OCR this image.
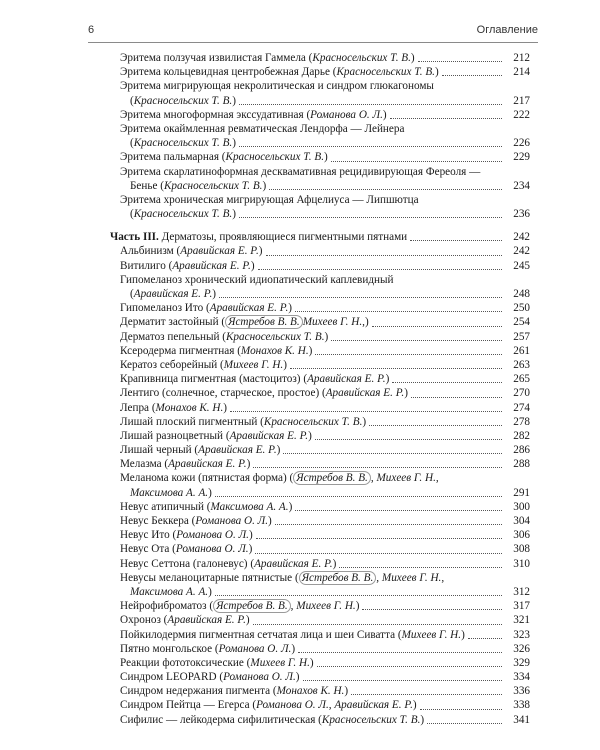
6	Оглавление
Эритема ползучая извилистая Гаммела (Красносельских Т. В.)	212
Эритема кольцевидная центробежная Дарье (Красносельских Т. В.)	214
Эритема мигрирующая некролитическая и синдром глюкагономы
(Красносельских Т. В.)	217
Эритема многоформная экссудативная (Романова О. Л.)	222
Эритема окаймленная ревматическая Лендорфа — Лейнера
(Красносельских Т. В.)	226
Эритема пальмарная (Красносельских Т. В.)	229
Эритема скарлатиноформная десквамативная рецидивирующая Фереоля —
Бенье (Красносельских Т. В.)	234
Эритема хроническая мигрирующая Афцелиуса — Липшютца
(Красносельских Т. В.)	236
Часть III. Дерматозы, проявляющиеся пигментными пятнами	242
Альбинизм (Аравийская Е. Р.)	242
Витилиго (Аравийская Е. Р.)	245
Гипомеланоз хронический идиопатический каплевидный
(Аравийская Е. Р.)	248
Гипомеланоз Ито (Аравийская Е. Р.)	250
Дерматит застойный ( Ястребов В. В. Михеев Г. Н.,)	254
Дерматоз пепельный (Красносельских Т. В.)	257
Ксеродерма пигментная (Монахов К. Н.)	261
Кератоз себорейный (Михеев Г. Н.)	263
Крапивница пигментная (мастоцитоз) (Аравийская Е. Р.)	265
Лентиго (солнечное, старческое, простое) (Аравийская Е. Р.)	270
Лепра (Монахов К. Н.)	274
Лишай плоский пигментный (Красносельских Т. В.)	278
Лишай разноцветный (Аравийская Е. Р.)	282
Лишай черный (Аравийская Е. Р.)	286
Мелазма (Аравийская Е. Р.)	288
Меланома кожи (пятнистая форма) ( Ястребов В. В. , Михеев Г. Н.,
Максимова А. А.)	291
Невус атипичный (Максимова А. А.)	300
Невус Беккера (Романова О. Л.)	304
Невус Ито (Романова О. Л.)	306
Невус Ота (Романова О. Л.)	308
Невус Сеттона (галоневус) (Аравийская Е. Р.)	310
Невусы меланоцитарные пятнистые ( Ястребов В. В. , Михеев Г. Н.,
Максимова А. А.)	312
Нейрофиброматоз ( Ястребов В. В. , Михеев Г. Н.)	317
Охроноз (Аравийская Е. Р.)	321
Пойкилодермия пигментная сетчатая лица и шеи Сиватта (Михеев Г. Н.)	323
Пятно монгольское (Романова О. Л.)	326
Реакции фототоксические (Михеев Г. Н.)	329
Синдром LEOPARD (Романова О. Л.)	334
Синдром недержания пигмента (Монахов К. Н.)	336
Синдром Пейтца — Егерса (Романова О. Л., Аравийская Е. Р.)	338
Сифилис — лейкодерма сифилитическая (Красносельских Т. В.)	341
